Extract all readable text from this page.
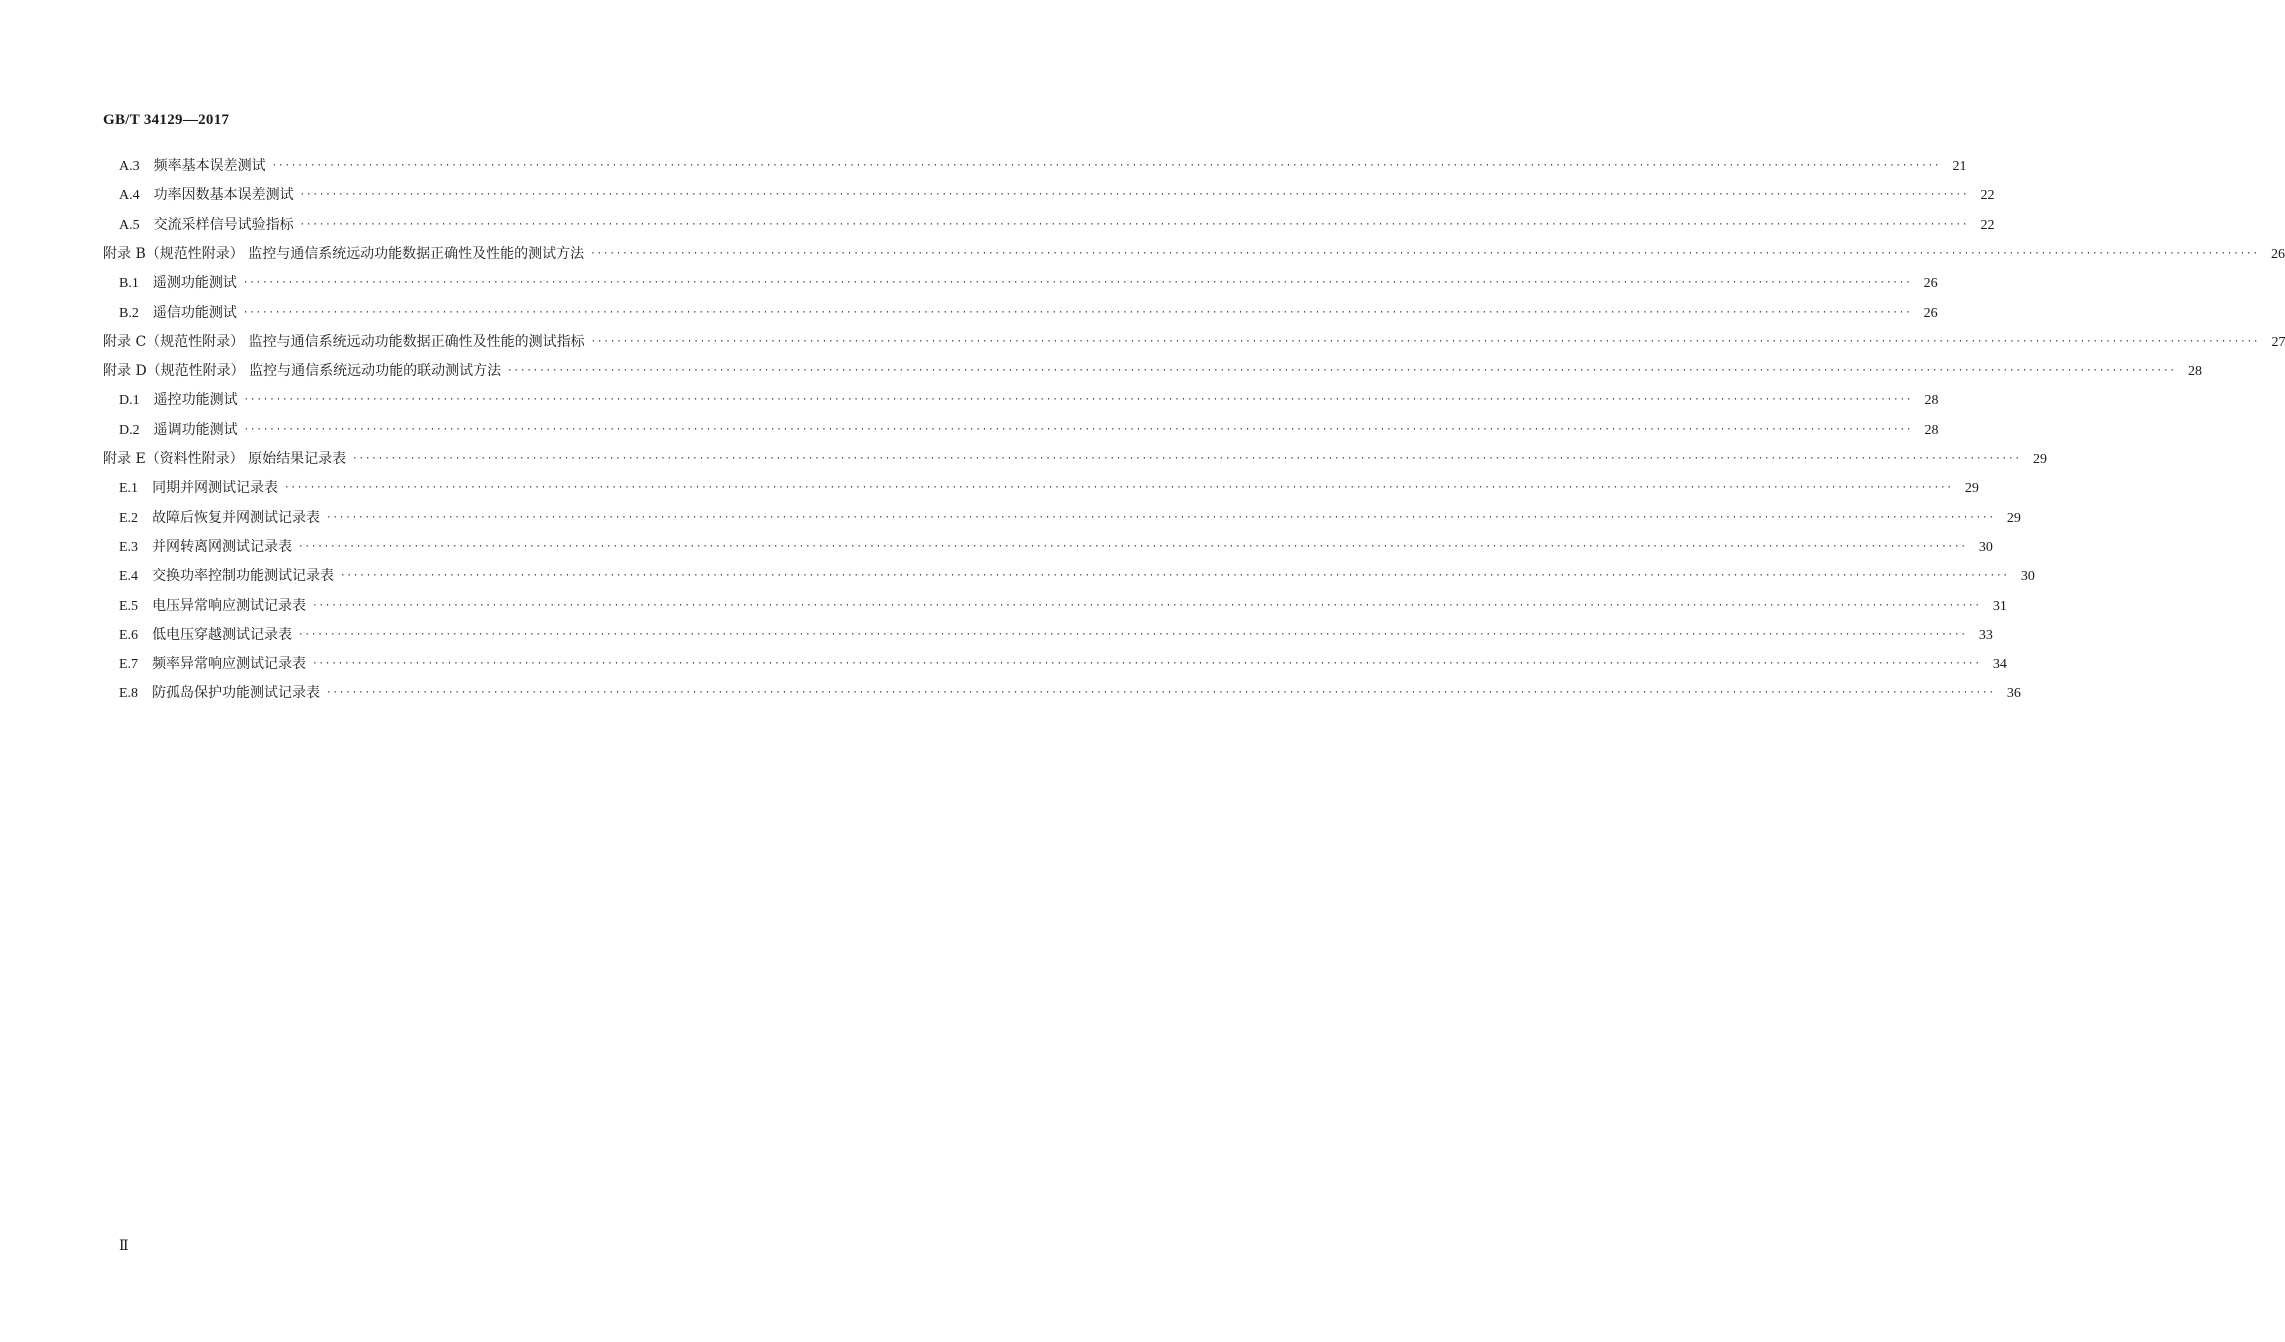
GB/T 34129—2017
A.3 频率基本误差测试 ···································································································································································································································································· 21
A.4 功率因数基本误差测试 ···································································································································································································································································· 22
A.5 交流采样信号试验指标 ···································································································································································································································································· 22
附录 B（规范性附录） 监控与通信系统远动功能数据正确性及性能的测试方法 ···································································································································································································································································· 26
B.1 遥测功能测试 ···································································································································································································································································· 26
B.2 遥信功能测试 ···································································································································································································································································· 26
附录 C（规范性附录） 监控与通信系统远动功能数据正确性及性能的测试指标 ···································································································································································································································································· 27
附录 D（规范性附录） 监控与通信系统远动功能的联动测试方法 ···································································································································································································································································· 28
D.1 遥控功能测试 ···································································································································································································································································· 28
D.2 遥调功能测试 ···································································································································································································································································· 28
附录 E（资料性附录） 原始结果记录表 ···································································································································································································································································· 29
E.1 同期并网测试记录表 ···································································································································································································································································· 29
E.2 故障后恢复并网测试记录表 ···································································································································································································································································· 29
E.3 并网转离网测试记录表 ···································································································································································································································································· 30
E.4 交换功率控制功能测试记录表 ···································································································································································································································································· 30
E.5 电压异常响应测试记录表 ···································································································································································································································································· 31
E.6 低电压穿越测试记录表 ···································································································································································································································································· 33
E.7 频率异常响应测试记录表 ···································································································································································································································································· 34
E.8 防孤岛保护功能测试记录表 ···································································································································································································································································· 36
Ⅱ
